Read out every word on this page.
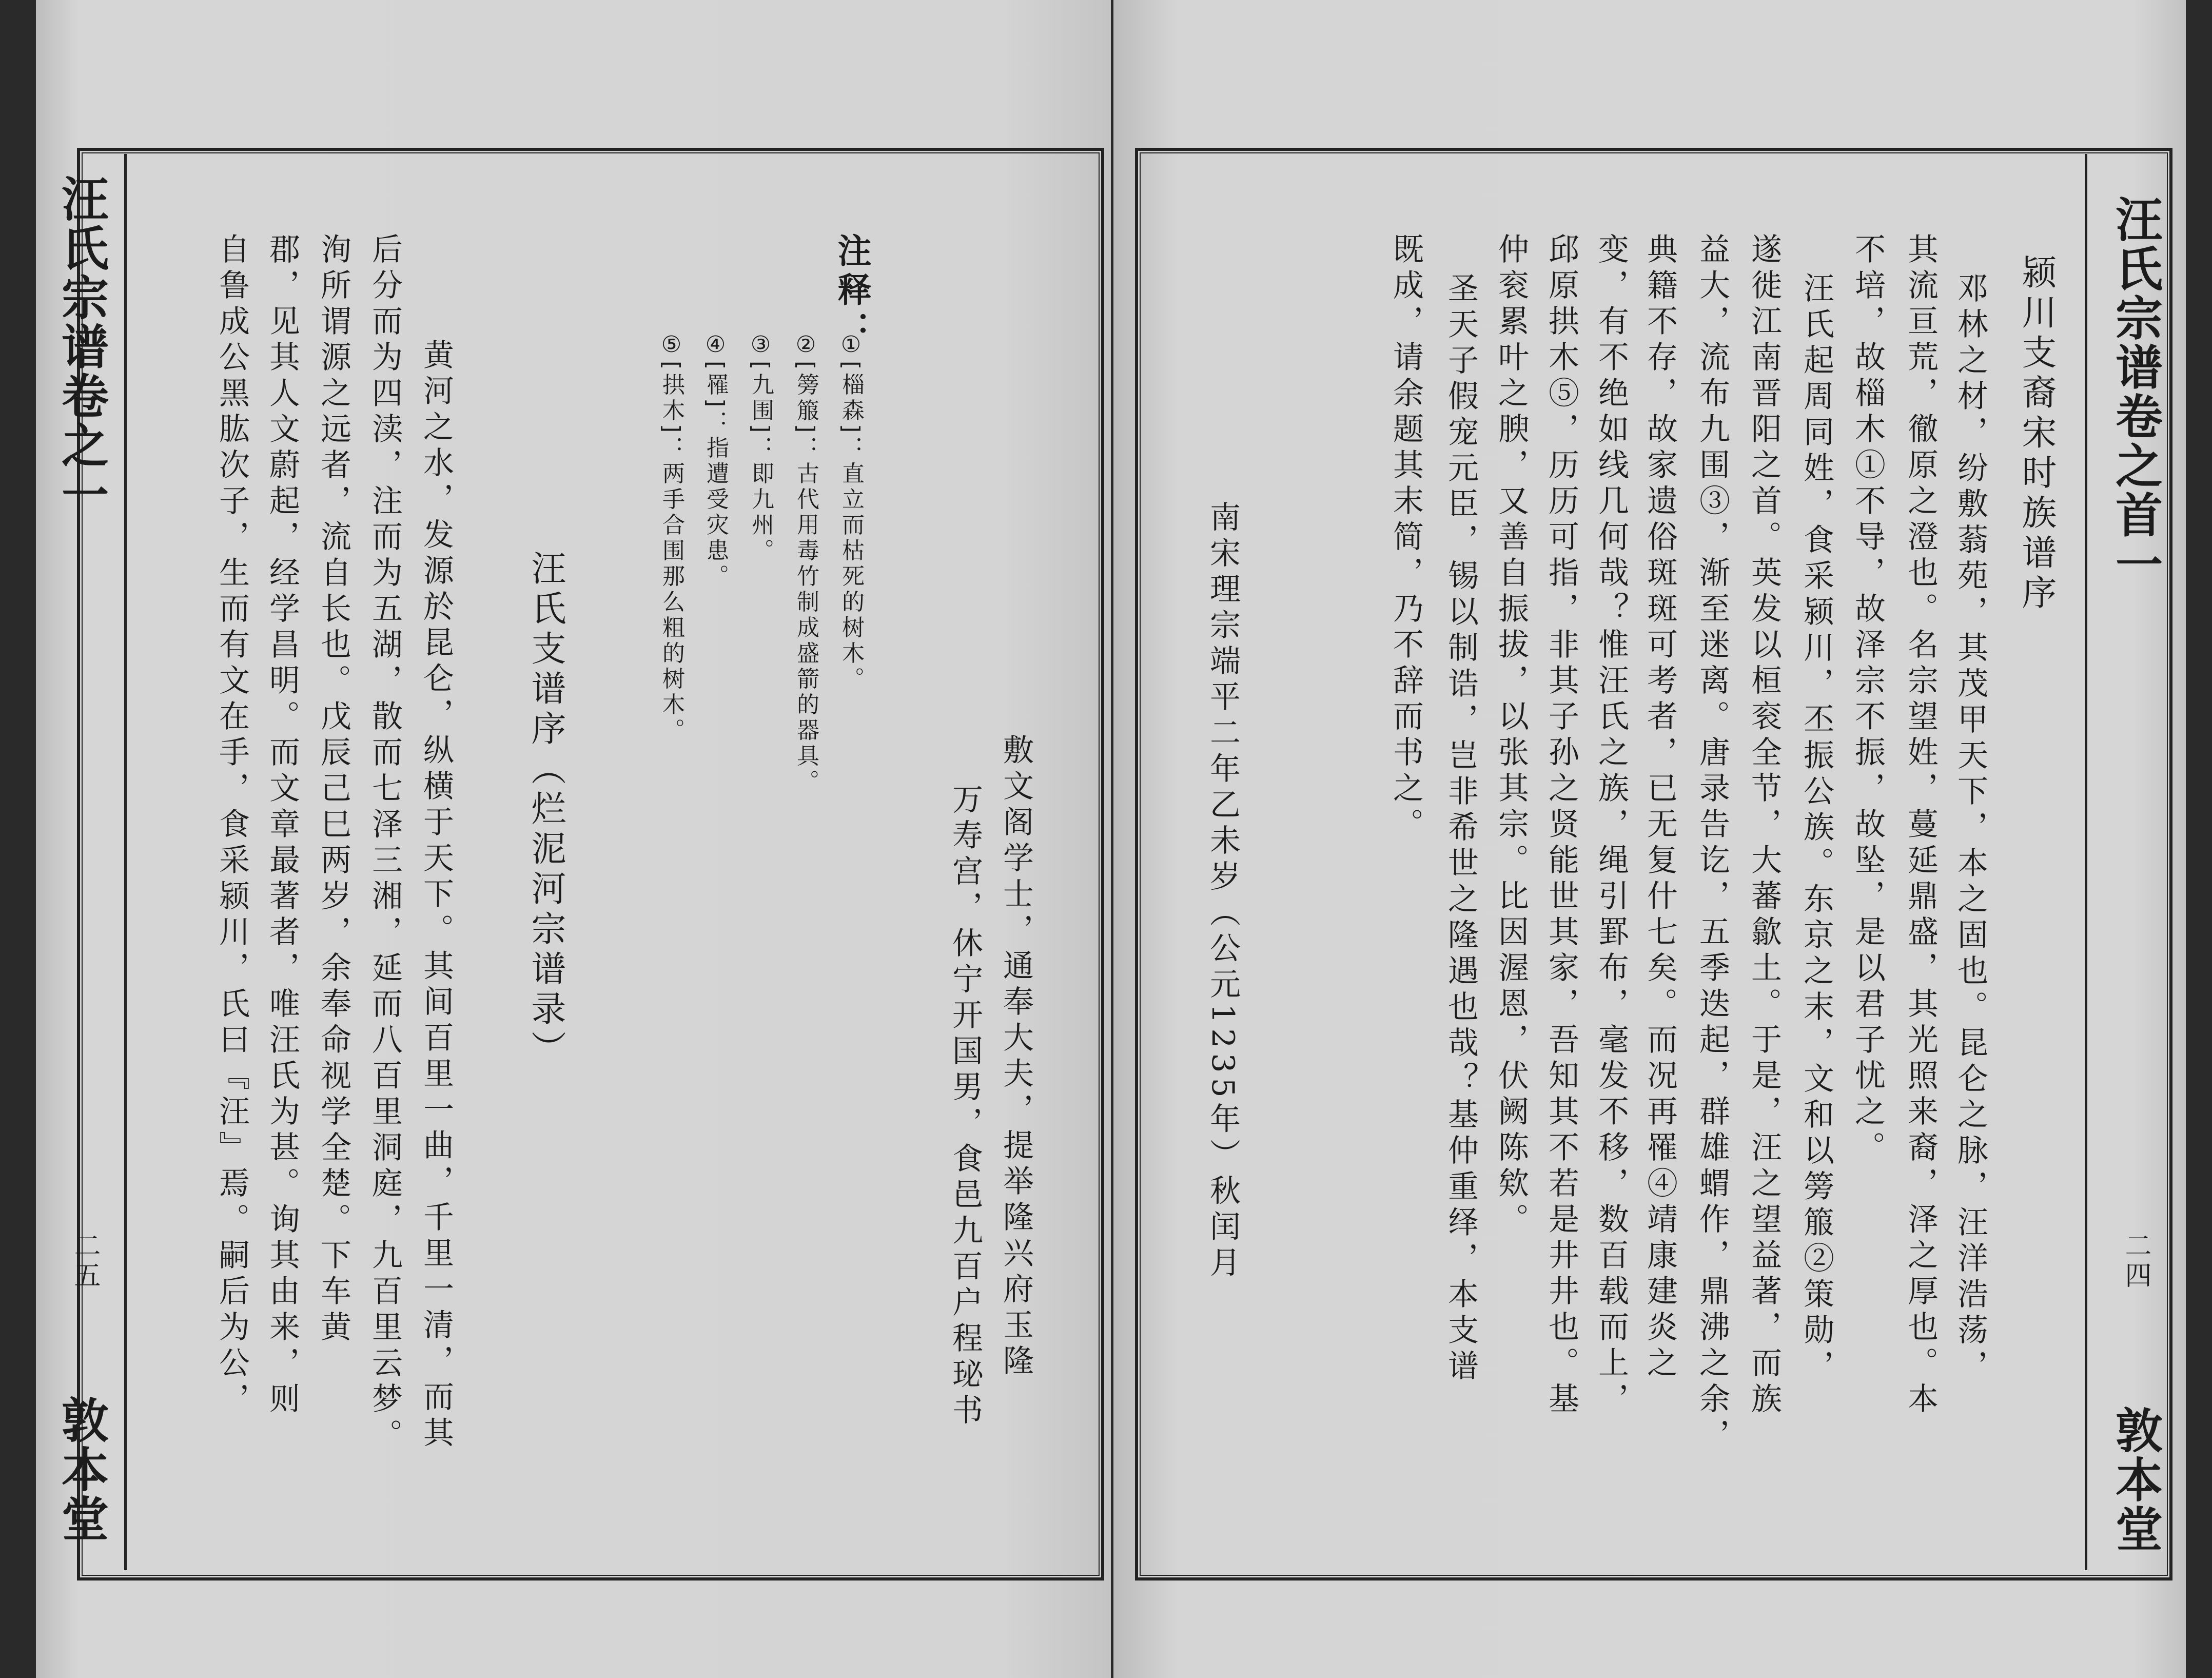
汪氏宗谱卷之一
二五
敦本堂
敷文阁学士，通奉大夫，提举隆兴府玉隆
万寿宫，休宁开国男，食邑九百户程珌书
注释：
①[椔森]：直立而枯死的树木。
②[篣箙]：古代用毒竹制成盛箭的器具。
③[九围]：即九州。
④[罹]：指遭受灾患。
⑤[拱木]：两手合围那么粗的树木。
汪氏支谱序（烂泥河宗谱录）
黄河之水，发源於昆仑，纵横于天下。其间百里一曲，千里一清，而其
后分而为四渎，注而为五湖，散而七泽三湘，延而八百里洞庭，九百里云梦。
洵所谓源之远者，流自长也。戊辰己巳两岁，余奉命视学全楚。下车黄
郡，见其人文蔚起，经学昌明。而文章最著者，唯汪氏为甚。询其由来，则
自鲁成公黑肱次子，生而有文在手，食采颍川，氏曰『汪』焉。嗣后为公，	汪氏宗谱卷之首一
二四
敦本堂
颍川支裔宋时族谱序
邓林之材，纷敷蓊苑，其茂甲天下，本之固也。昆仑之脉，汪洋浩荡，
其流亘荒，徹原之澄也。名宗望姓，蔓延鼎盛，其光照来裔，泽之厚也。本
不培，故椔木①不导，故泽宗不振，故坠，是以君子忧之。
汪氏起周同姓，食采颍川，丕振公族。东京之末，文和以篣箙②策勋，
遂徙江南晋阳之首。英发以桓衮全节，大蕃歙土。于是，汪之望益著，而族
益大，流布九围③，渐至迷离。唐录告讫，五季迭起，群雄蝟作，鼎沸之余，
典籍不存，故家遗俗斑斑可考者，已无复什七矣。而况再罹④靖康建炎之
变，有不绝如线几何哉？惟汪氏之族，绳引罫布，毫发不移，数百载而上，
邱原拱木⑤，历历可指，非其子孙之贤能世其家，吾知其不若是井井也。基
仲衮累叶之腴，又善自振拔，以张其宗。比因渥恩，伏阙陈欸。
圣天子假宠元臣，锡以制诰，岂非希世之隆遇也哉？基仲重绎，本支谱
既成，请余题其末简，乃不辞而书之。
南宋理宗端平二年乙未岁（公元1235年）秋闰月
